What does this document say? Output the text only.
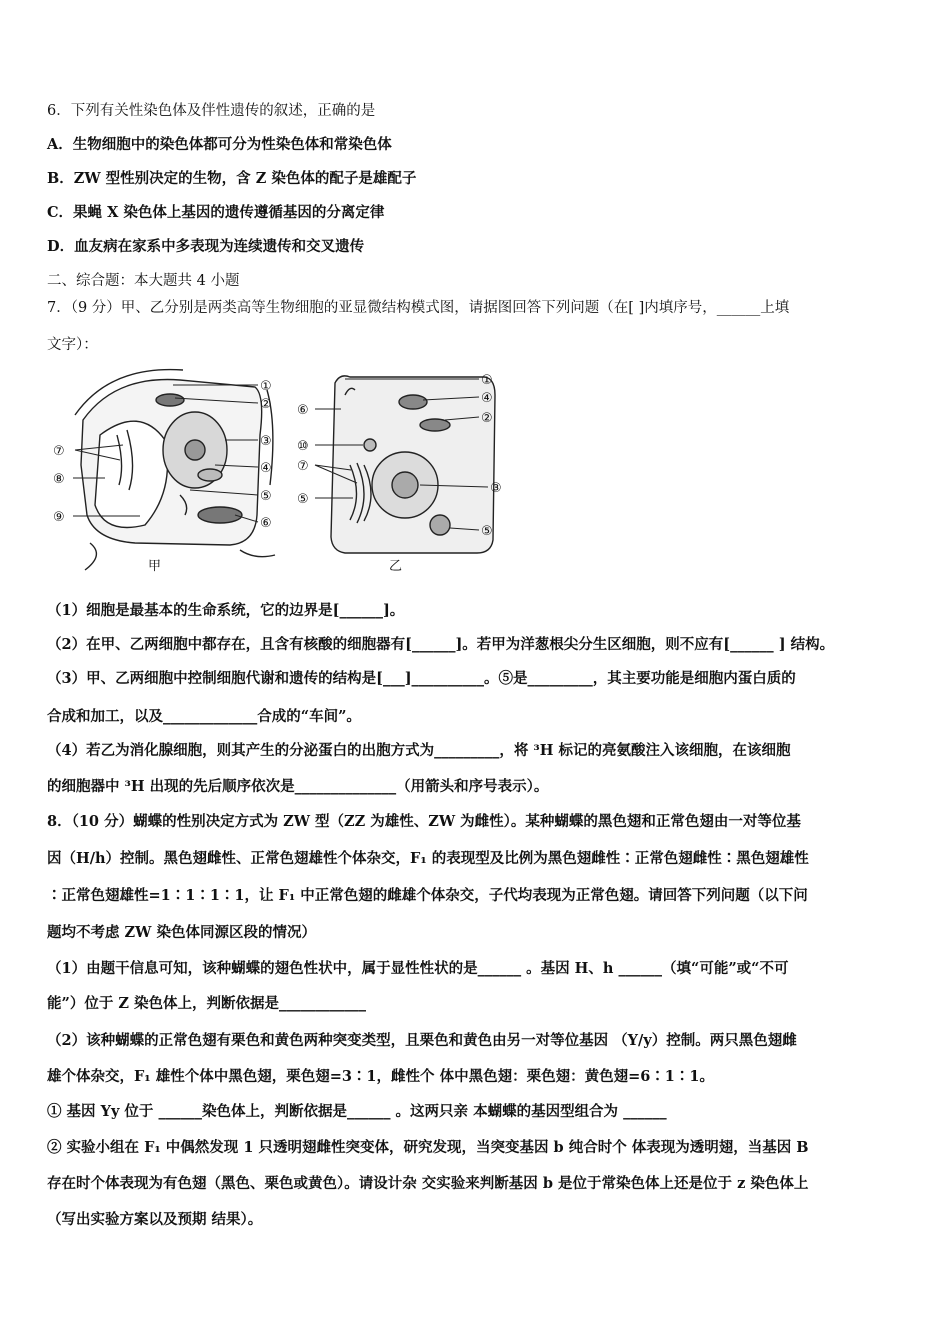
6．下列有关性染色体及伴性遗传的叙述，正确的是
A．生物细胞中的染色体都可分为性染色体和常染色体
B．ZW 型性别决定的生物，含 Z 染色体的配子是雄配子
C．果蝇 X 染色体上基因的遗传遵循基因的分离定律
D．血友病在家系中多表现为连续遗传和交叉遗传
二、综合题：本大题共 4 小题
7．（9 分）甲、乙分别是两类高等生物细胞的亚显微结构模式图，请据图回答下列问题（在[ ]内填序号，______上填
文字）：
①
②
③
④
⑤
⑥
⑦
⑧
⑨
甲
①
④
②
⑥
⑩
⑦
③
⑤
⑤
乙
（1）细胞是最基本的生命系统，它的边界是[______]。
（2）在甲、乙两细胞中都存在，且含有核酸的细胞器有[______]。若甲为洋葱根尖分生区细胞，则不应有[______ ] 结构。
（3）甲、乙两细胞中控制细胞代谢和遗传的结构是[___]__________。⑤是_________，其主要功能是细胞内蛋白质的
合成和加工，以及_____________合成的“车间”。
（4）若乙为消化腺细胞，则其产生的分泌蛋白的出胞方式为_________，将 ³H 标记的亮氨酸注入该细胞，在该细胞
的细胞器中 ³H 出现的先后顺序依次是______________（用箭头和序号表示）。
8．（10 分）蝴蝶的性别决定方式为 ZW 型（ZZ 为雄性、ZW 为雌性）。某种蝴蝶的黑色翅和正常色翅由一对等位基
因（H/h）控制。黑色翅雌性、正常色翅雄性个体杂交，F₁ 的表现型及比例为黑色翅雌性∶正常色翅雌性∶黑色翅雄性
∶正常色翅雄性=1∶1∶1∶1，让 F₁ 中正常色翅的雌雄个体杂交，子代均表现为正常色翅。请回答下列问题（以下问
题均不考虑 ZW 染色体同源区段的情况）
（1）由题干信息可知，该种蝴蝶的翅色性状中，属于显性性状的是______ 。基因 H、h ______（填“可能”或“不可
能”）位于 Z 染色体上，判断依据是____________
（2）该种蝴蝶的正常色翅有栗色和黄色两种突变类型，且栗色和黄色由另一对等位基因 （Y/y）控制。两只黑色翅雌
雄个体杂交，F₁ 雄性个体中黑色翅，栗色翅=3∶1，雌性个 体中黑色翅：栗色翅：黄色翅=6∶1∶1。
① 基因 Yy 位于 ______染色体上，判断依据是______ 。这两只亲 本蝴蝶的基因型组合为 ______
② 实验小组在 F₁ 中偶然发现 1 只透明翅雌性突变体，研究发现，当突变基因 b 纯合时个 体表现为透明翅，当基因 B
存在时个体表现为有色翅（黑色、栗色或黄色）。请设计杂 交实验来判断基因 b 是位于常染色体上还是位于 z 染色体上
（写出实验方案以及预期 结果）。
